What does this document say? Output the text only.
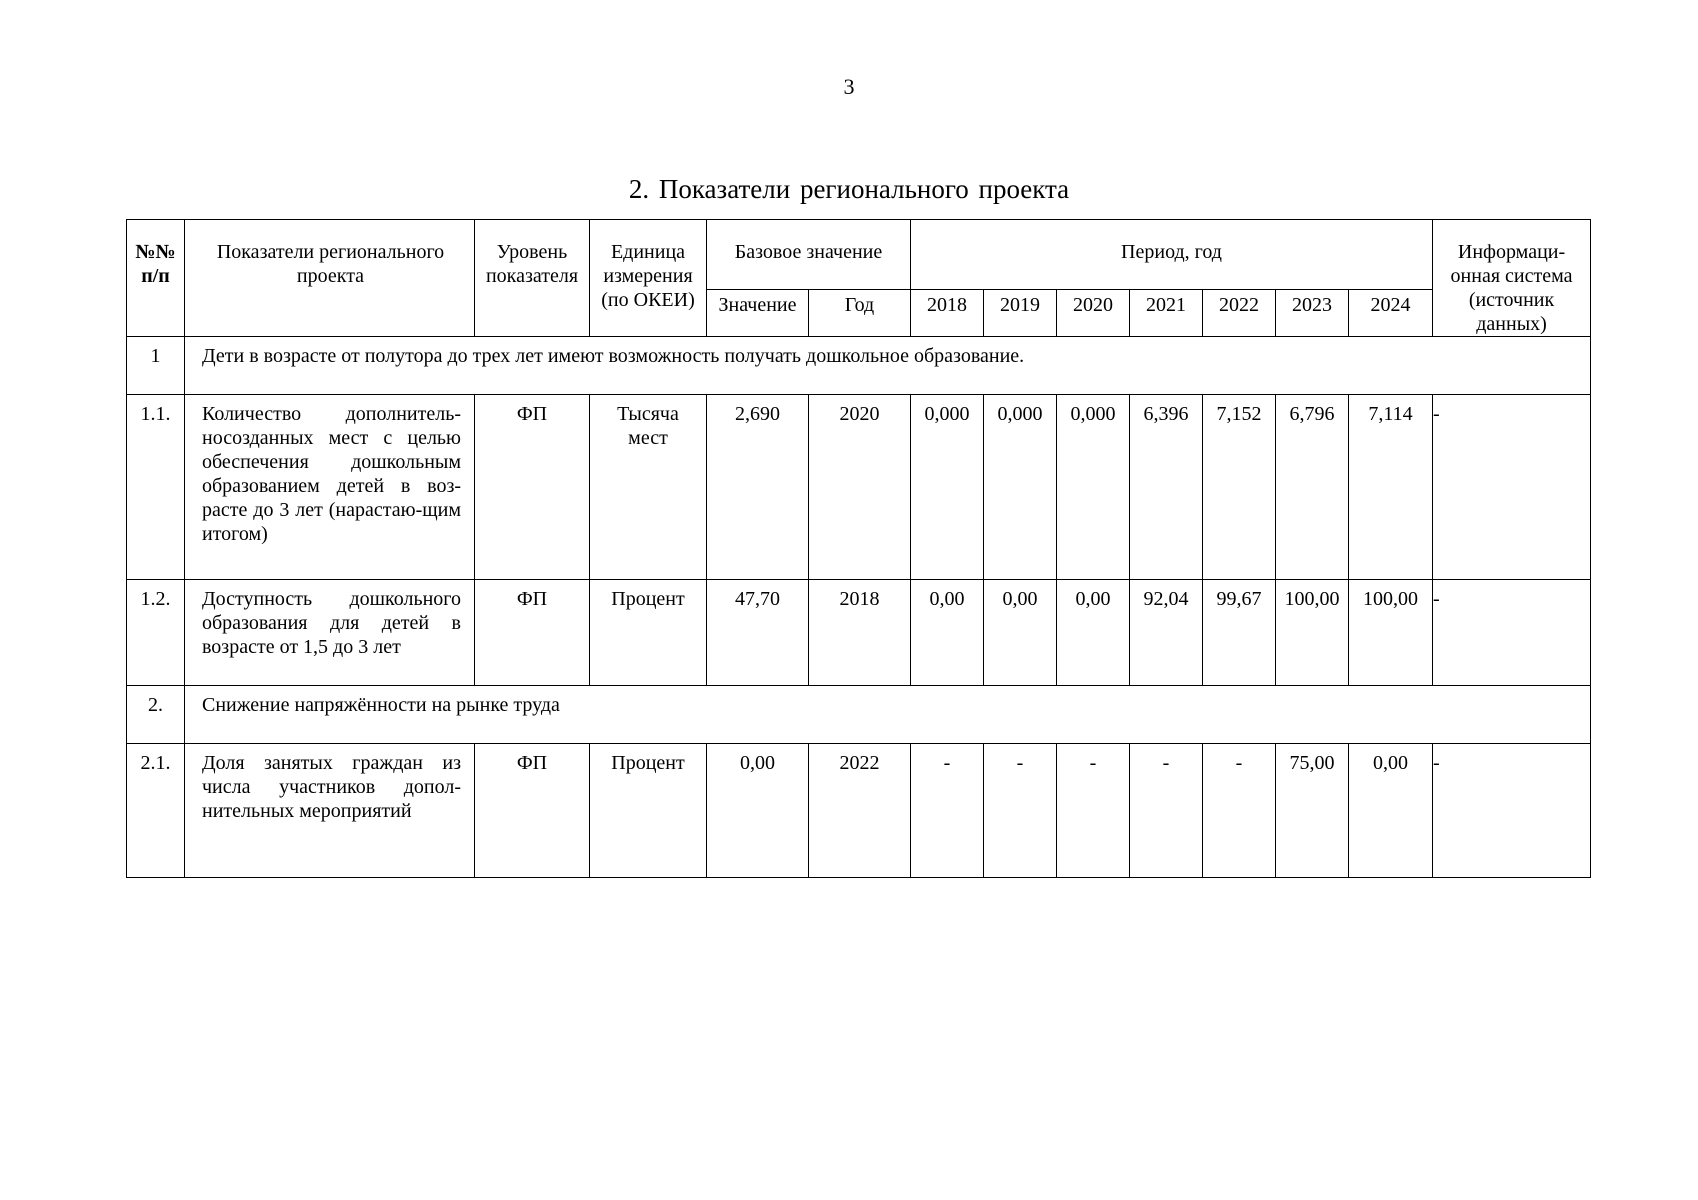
3
2. Показатели регионального проекта
№№ п/п	Показатели регионального проекта	Уровень показателя	Единица измерения (по ОКЕИ)	Базовое значение		Период, год							Информаци- онная система (источник данных)
				Значение	Год	2018	2019	2020	2021	2022	2023	2024	
1	Дети в возрасте от полутора до трех лет имеют возможность получать дошкольное образование.												
1.1.	Количество дополнитель-носозданных мест с целью обеспечения дошкольным образованием детей в воз-расте до 3 лет (нарастаю-щим итогом)	ФП	Тысяча мест	2,690	2020	0,000	0,000	0,000	6,396	7,152	6,796	7,114	-
1.2.	Доступность дошкольного образования для детей в возрасте от 1,5 до 3 лет	ФП	Процент	47,70	2018	0,00	0,00	0,00	92,04	99,67	100,00	100,00	-
2.	Снижение напряжённости на рынке труда												
2.1.	Доля занятых граждан из числа участников допол-нительных мероприятий	ФП	Процент	0,00	2022	-	-	-	-	-	75,00	0,00	-
